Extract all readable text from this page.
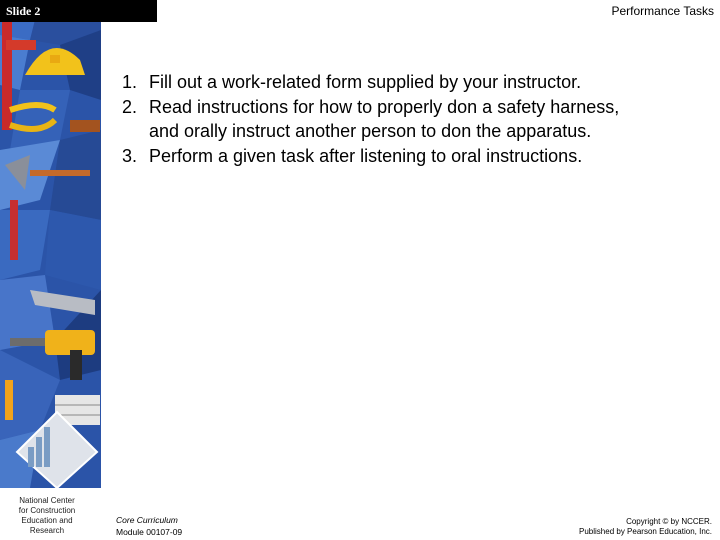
National Center
for Construction
Education and
Research
Slide 2	Performance Tasks
1. Fill out a work-related form supplied by your instructor.
2. Read instructions for how to properly don a safety harness,
and orally instruct another person to don the apparatus.
3. Perform a given task after listening to oral instructions.
Core Curriculum
Module 00107-09
Copyright © by NCCER.
Published by Pearson Education, Inc.
